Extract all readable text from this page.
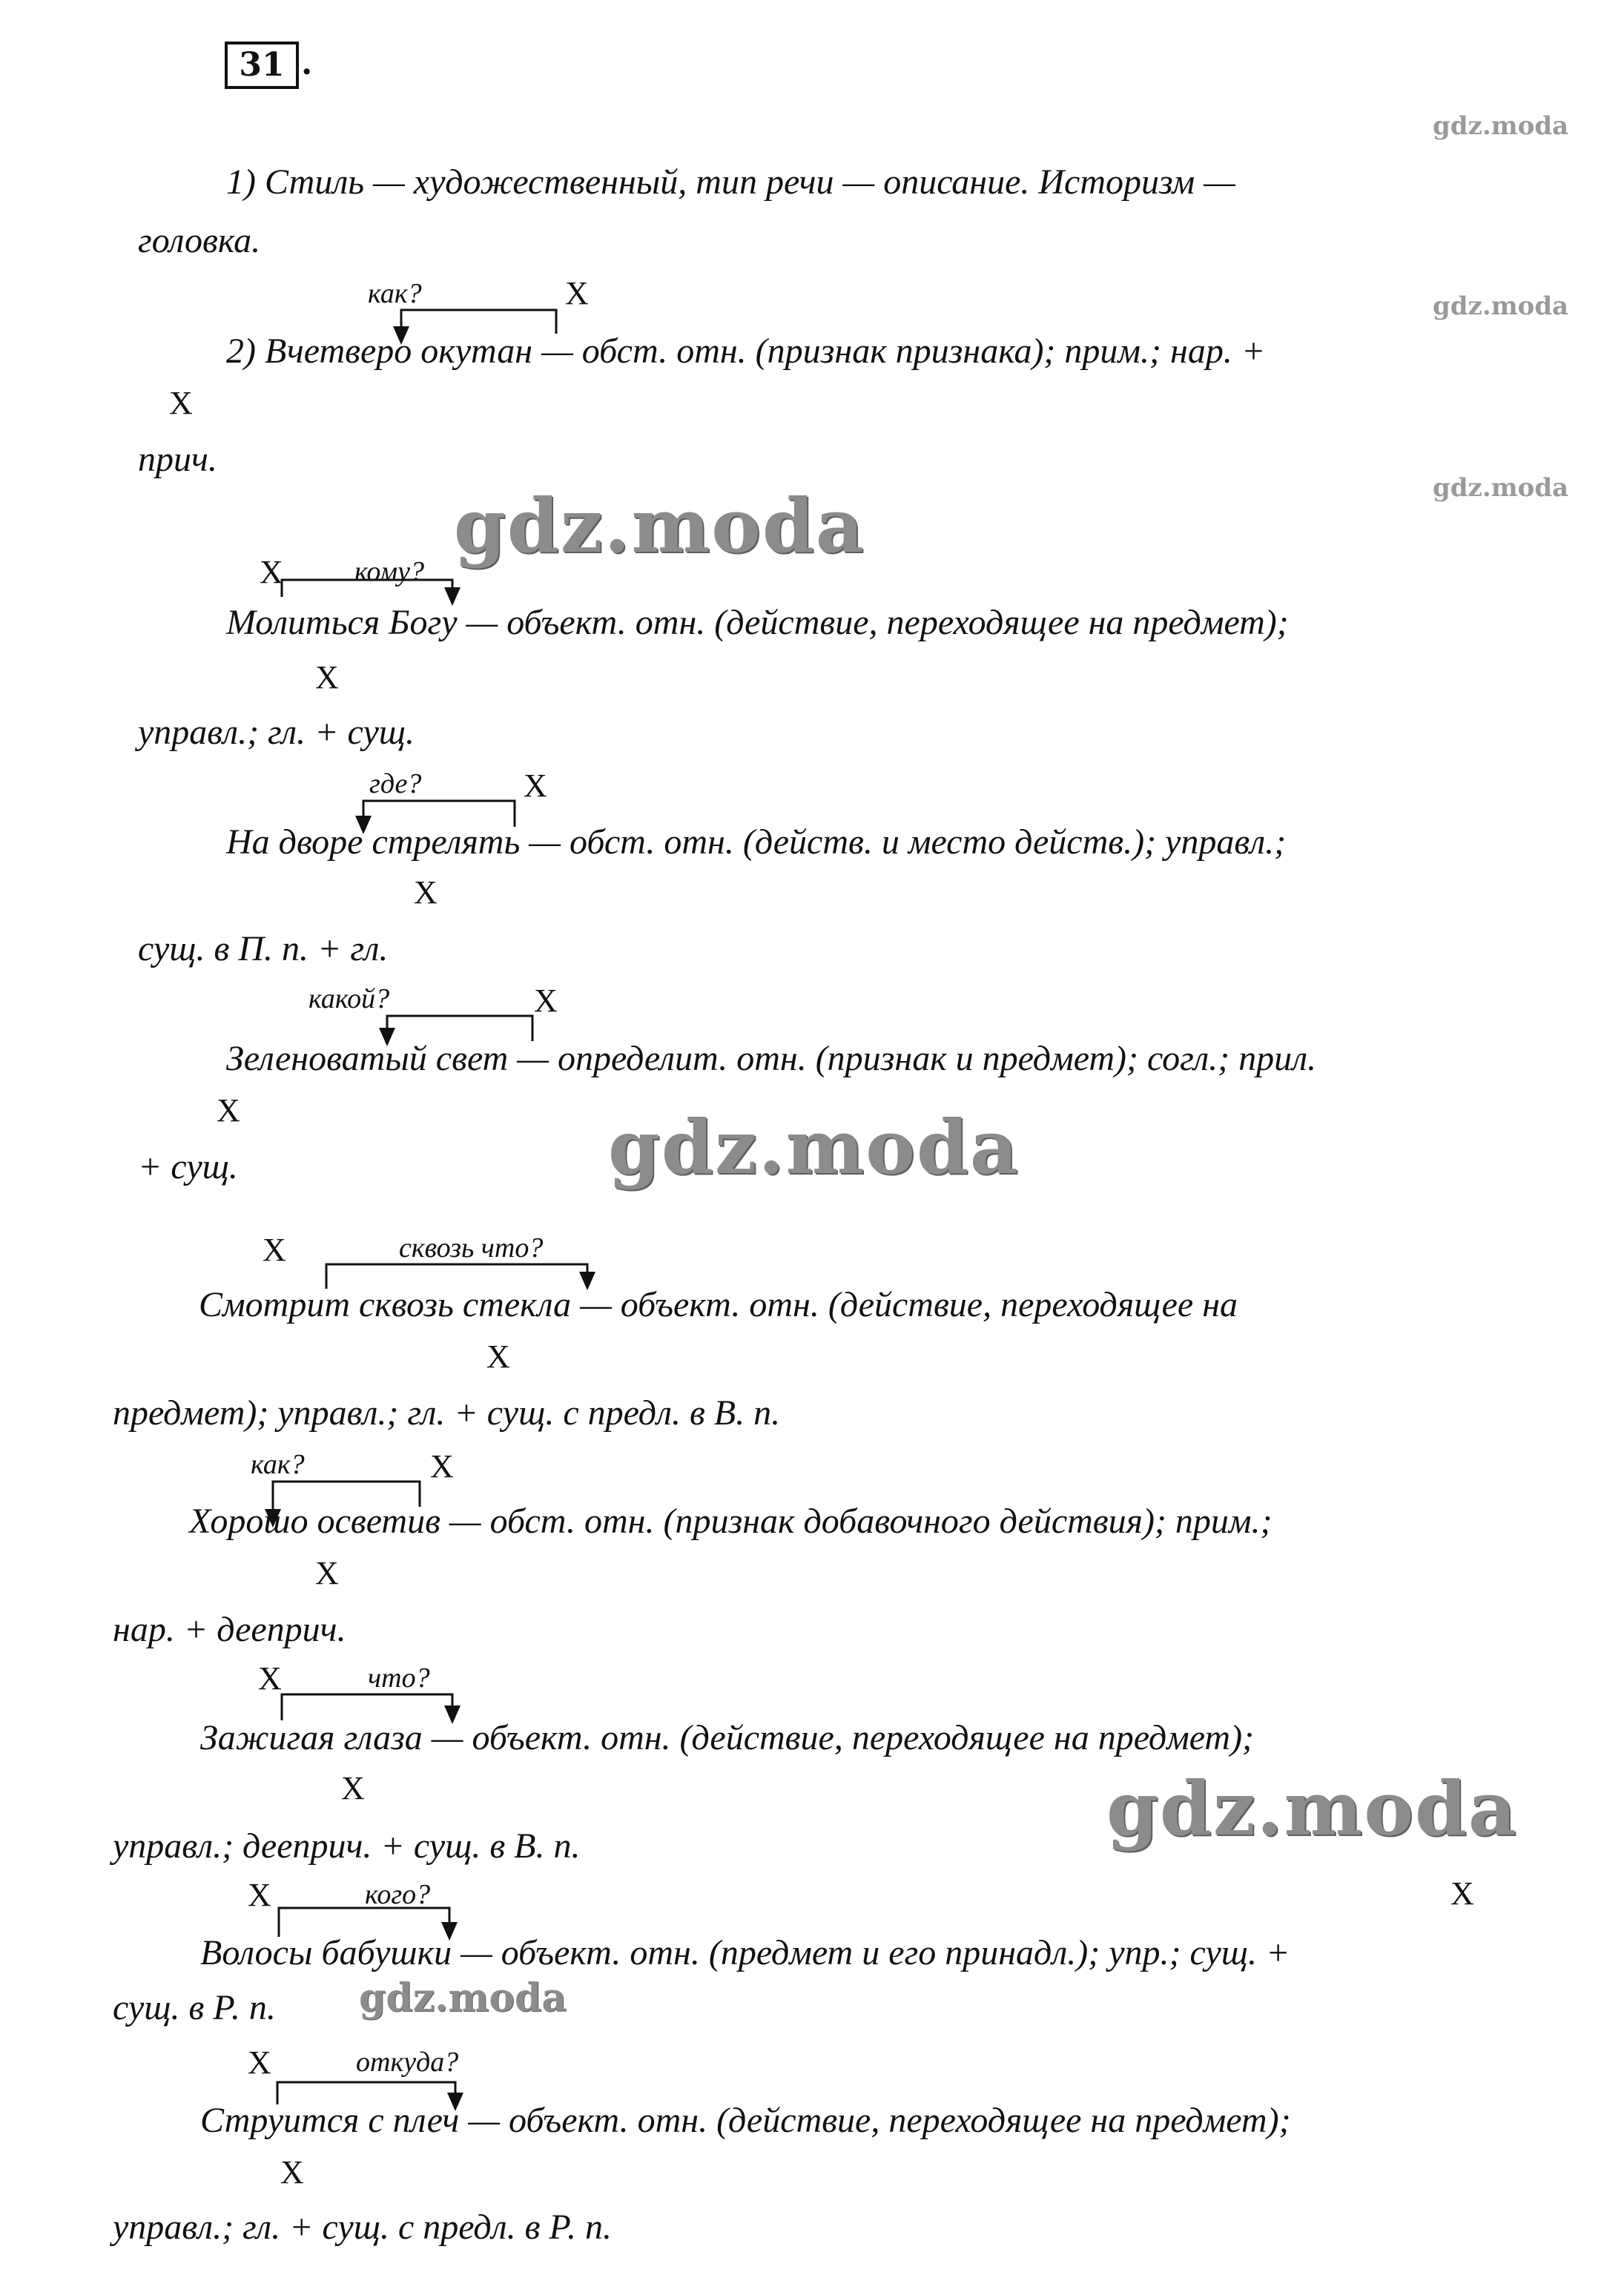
31 .
gdz.moda
gdz.moda
gdz.moda
gdz.moda
gdz.moda
gdz.moda
gdz.moda
1) Стиль — художественный, тип речи — описание. Историзм —
головка.
как?	Х
2) Вчетверо окутан — обст. отн. (признак признака); прим.; нар. +
Х
прич.
Х	кому?
Молиться Богу — объект. отн. (действие, переходящее на предмет);
Х
управл.; гл. + сущ.
где?	Х
На дворе стрелять — обст. отн. (действ. и место действ.); управл.;
Х
сущ. в П. п. + гл.
какой?	Х
Зеленоватый свет — определит. отн. (признак и предмет); согл.; прил.
Х
+ сущ.
Х	сквозь что?
Смотрит сквозь стекла — объект. отн. (действие, переходящее на
Х
предмет); управл.; гл. + сущ. с предл. в В. п.
как?	Х
Хорошо осветив — обст. отн. (признак добавочного действия); прим.;
Х
нар. + деeприч.
Х	что?
Зажигая глаза — объект. отн. (действие, переходящее на предмет);
Х
управл.; деeприч. + сущ. в В. п.
Х	кого?	Х
Волосы бабушки — объект. отн. (предмет и его принадл.); упр.; сущ. +
сущ. в Р. п.
Х	откуда?
Струится с плеч — объект. отн. (действие, переходящее на предмет);
Х
управл.; гл. + сущ. с предл. в Р. п.
